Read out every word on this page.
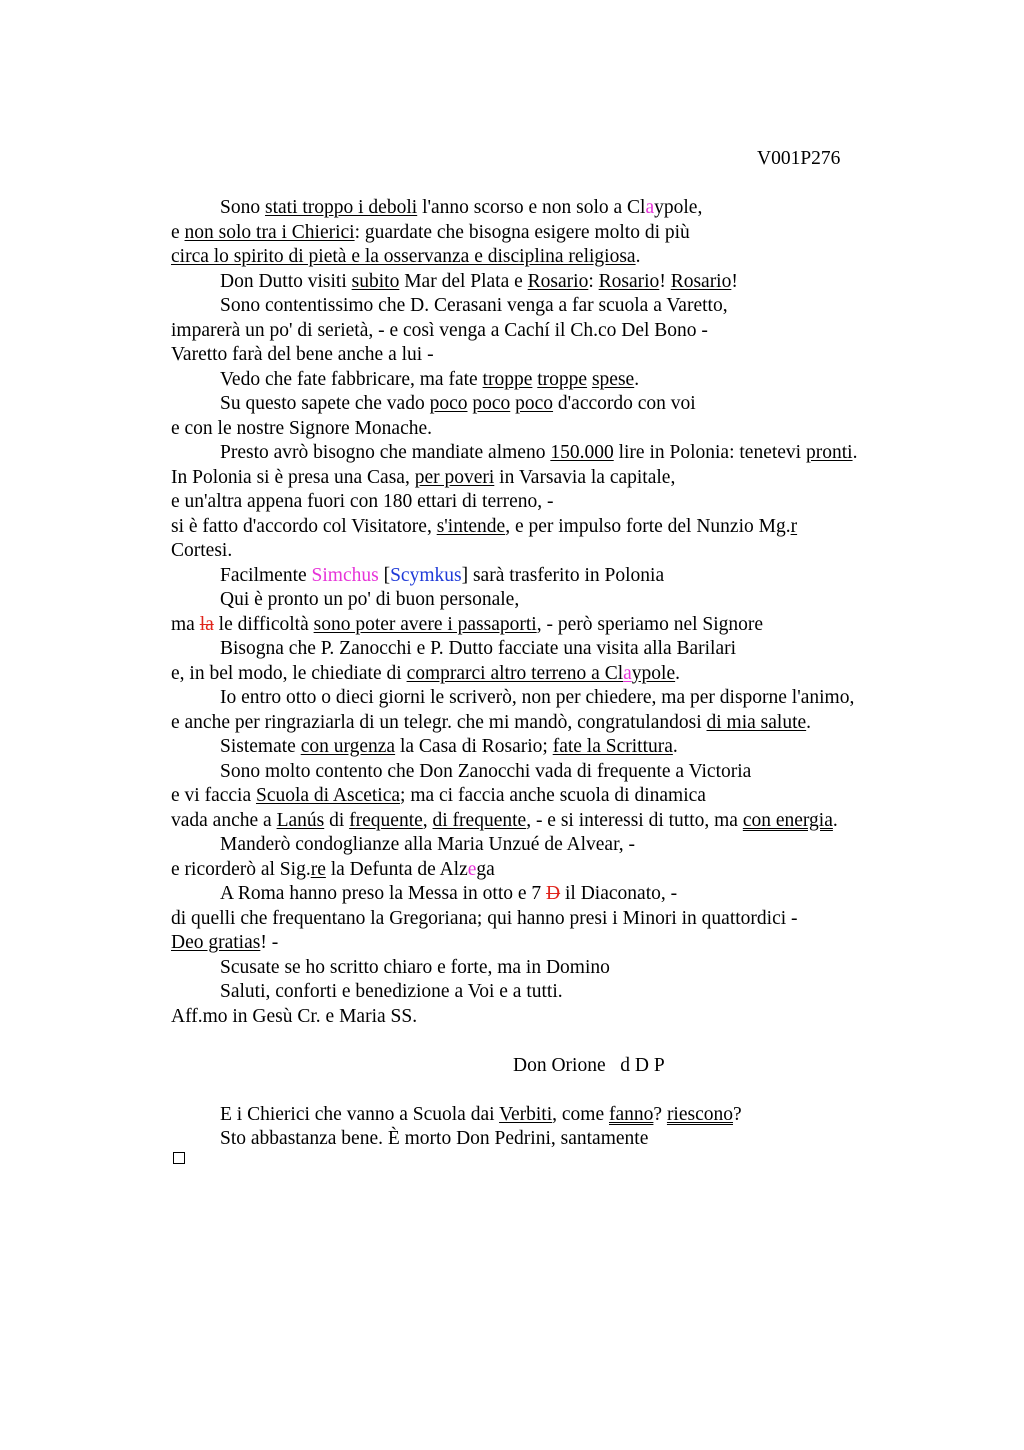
V001P276
Sono stati troppo i deboli l'anno scorso e non solo a Claypole,
e non solo tra i Chierici: guardate che bisogna esigere molto di più
circa lo spirito di pietà e la osservanza e disciplina religiosa.
Don Dutto visiti subito Mar del Plata e Rosario: Rosario! Rosario!
Sono contentissimo che D. Cerasani venga a far scuola a Varetto,
imparerà un po' di serietà, - e così venga a Cachí il Ch.co Del Bono -
Varetto farà del bene anche a lui -
Vedo che fate fabbricare, ma fate troppe troppe spese.
Su questo sapete che vado poco poco poco d'accordo con voi
e con le nostre Signore Monache.
Presto avrò bisogno che mandiate almeno 150.000 lire in Polonia: tenetevi pronti.
In Polonia si è presa una Casa, per poveri in Varsavia la capitale,
e un'altra appena fuori con 180 ettari di terreno, -
si è fatto d'accordo col Visitatore, s'intende, e per impulso forte del Nunzio Mg.r
Cortesi.
Facilmente Simchus [Scymkus] sarà trasferito in Polonia
Qui è pronto un po' di buon personale,
ma la le difficoltà sono poter avere i passaporti, - però speriamo nel Signore
Bisogna che P. Zanocchi e P. Dutto facciate una visita alla Barilari
e, in bel modo, le chiediate di comprarci altro terreno a Claypole.
Io entro otto o dieci giorni le scriverò, non per chiedere, ma per disporne l'animo,
e anche per ringraziarla di un telegr. che mi mandò, congratulandosi di mia salute.
Sistemate con urgenza la Casa di Rosario; fate la Scrittura.
Sono molto contento che Don Zanocchi vada di frequente a Victoria
e vi faccia Scuola di Ascetica; ma ci faccia anche scuola di dinamica
vada anche a Lanús di frequente, di frequente, - e si interessi di tutto, ma con energia.
Manderò condoglianze alla Maria Unzué de Alvear, -
e ricorderò al Sig.re la Defunta de Alzega
A Roma hanno preso la Messa in otto e 7 D il Diaconato, -
di quelli che frequentano la Gregoriana; qui hanno presi i Minori in quattordici -
Deo gratias! -
Scusate se ho scritto chiaro e forte, ma in Domino
Saluti, conforti e benedizione a Voi e a tutti.
Aff.mo in Gesù Cr. e Maria SS.
Don Orione   d D P
E i Chierici che vanno a Scuola dai Verbiti, come fanno? riescono?
Sto abbastanza bene. È morto Don Pedrini, santamente
